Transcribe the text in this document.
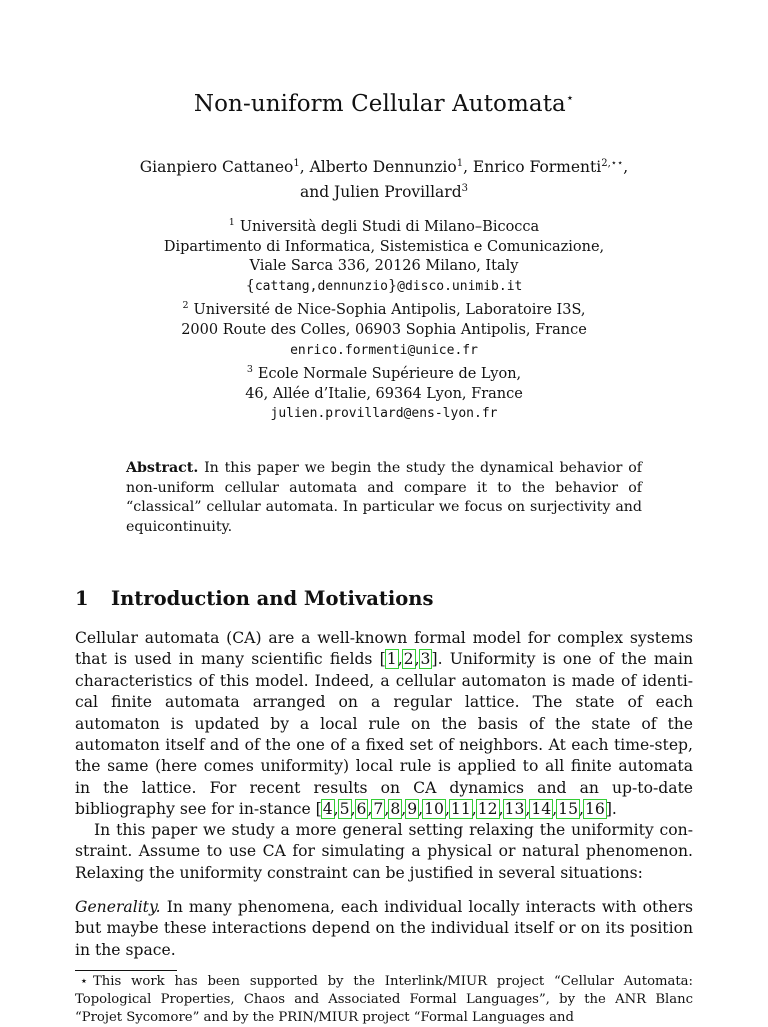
Non-uniform Cellular Automata⋆
Gianpiero Cattaneo$^1$, Alberto Dennunzio$^1$, Enrico Formenti$^{2,⋆⋆}$,
and Julien Provillard$^3$
$^1$ Università degli Studi di Milano–Bicocca
Dipartimento di Informatica, Sistemistica e Comunicazione,
Viale Sarca 336, 20126 Milano, Italy
{cattang,dennunzio}@disco.unimib.it
$^2$ Université de Nice-Sophia Antipolis, Laboratoire I3S,
2000 Route des Colles, 06903 Sophia Antipolis, France
enrico.formenti@unice.fr
$^3$ Ecole Normale Supérieure de Lyon,
46, Allée d’Italie, 69364 Lyon, France
julien.provillard@ens-lyon.fr
Abstract. In this paper we begin the study the dynamical behavior of non-uniform cellular automata and compare it to the behavior of “classical” cellular automata. In particular we focus on surjectivity and equicontinuity.
1 Introduction and Motivations
Cellular automata (CA) are a well-known formal model for complex systems that is used in many scientific fields [1,2,3]. Uniformity is one of the main characteristics of this model. Indeed, a cellular automaton is made of identi-cal finite automata arranged on a regular lattice. The state of each automaton is updated by a local rule on the basis of the state of the automaton itself and of the one of a fixed set of neighbors. At each time-step, the same (here comes uniformity) local rule is applied to all finite automata in the lattice. For recent results on CA dynamics and an up-to-date bibliography see for in-stance [4,5,6,7,8,9,10,11,12,13,14,15,16].
In this paper we study a more general setting relaxing the uniformity con-straint. Assume to use CA for simulating a physical or natural phenomenon. Relaxing the uniformity constraint can be justified in several situations:
Generality. In many phenomena, each individual locally interacts with others but maybe these interactions depend on the individual itself or on its position in the space.
⋆ This work has been supported by the Interlink/MIUR project “Cellular Automata: Topological Properties, Chaos and Associated Formal Languages”, by the ANR Blanc “Projet Sycomore” and by the PRIN/MIUR project “Formal Languages and
